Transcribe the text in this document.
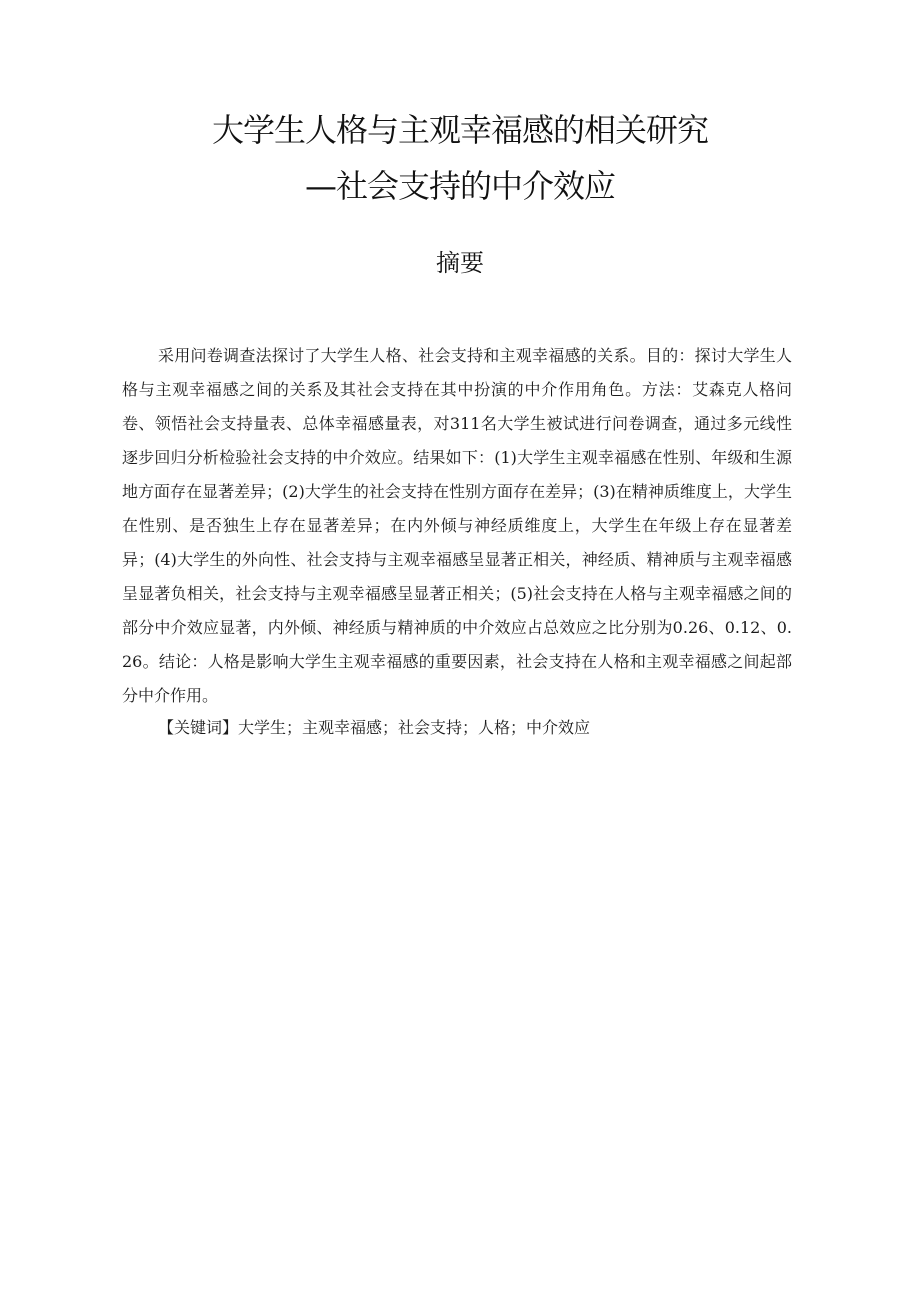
大学生人格与主观幸福感的相关研究
—社会支持的中介效应
摘要

采用问卷调查法探讨了大学生人格、社会支持和主观幸福感的关系。目的：探讨大学生人格与主观幸福感之间的关系及其社会支持在其中扮演的中介作用角色。方法：艾森克人格问卷、领悟社会支持量表、总体幸福感量表，对311名大学生被试进行问卷调查，通过多元线性逐步回归分析检验社会支持的中介效应。结果如下：(1)大学生主观幸福感在性别、年级和生源地方面存在显著差异；(2)大学生的社会支持在性别方面存在差异；(3)在精神质维度上，大学生在性别、是否独生上存在显著差异；在内外倾与神经质维度上，大学生在年级上存在显著差异；(4)大学生的外向性、社会支持与主观幸福感呈显著正相关，神经质、精神质与主观幸福感呈显著负相关，社会支持与主观幸福感呈显著正相关；(5)社会支持在人格与主观幸福感之间的部分中介效应显著，内外倾、神经质与精神质的中介效应占总效应之比分别为0.26、0.12、0.26。结论：人格是影响大学生主观幸福感的重要因素，社会支持在人格和主观幸福感之间起部分中介作用。

【关键词】大学生；主观幸福感；社会支持；人格；中介效应
